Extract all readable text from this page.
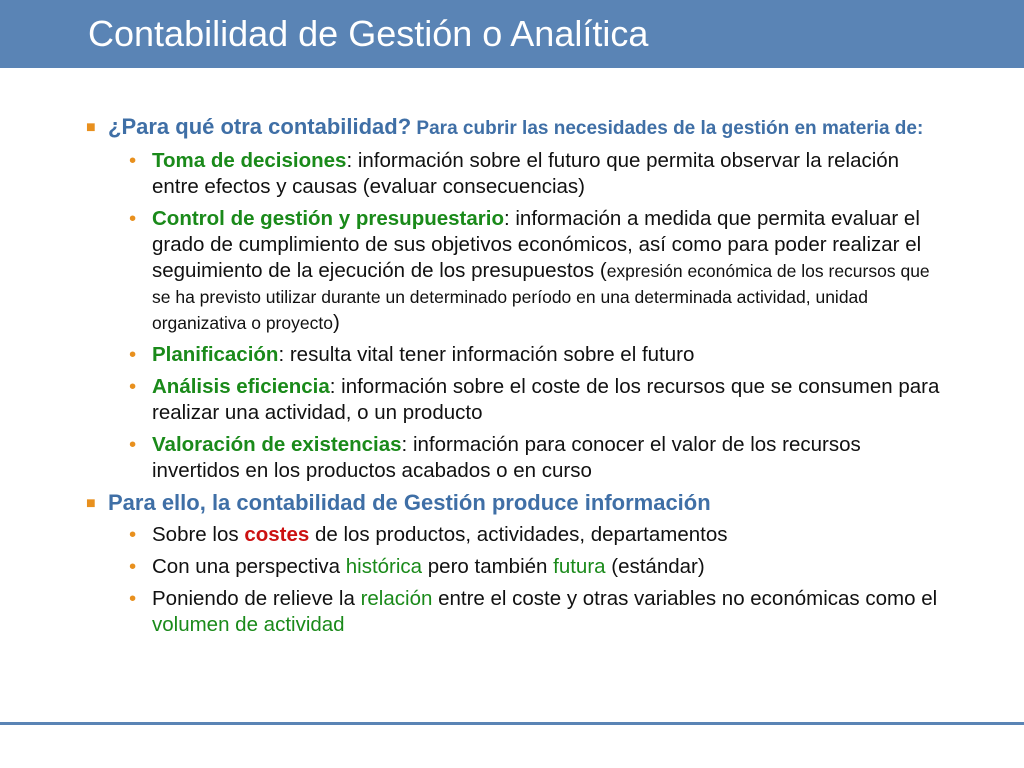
Contabilidad de Gestión o Analítica
■ ¿Para qué otra contabilidad? Para cubrir las necesidades de la gestión en materia de:
• Toma de decisiones: información sobre el futuro que permita observar la relación entre efectos y causas (evaluar consecuencias)
• Control de gestión y presupuestario: información a medida que permita evaluar el grado de cumplimiento de sus objetivos económicos, así como para poder realizar el seguimiento de la ejecución de los presupuestos (expresión económica de los recursos que se ha previsto utilizar durante un determinado período en una determinada actividad, unidad organizativa o proyecto)
• Planificación: resulta vital tener información sobre el futuro
• Análisis eficiencia: información sobre el coste de los recursos que se consumen para realizar una actividad, o un producto
• Valoración de existencias: información para conocer el valor de los recursos invertidos en los productos acabados o en curso
■ Para ello, la contabilidad de Gestión produce información
• Sobre los costes de los productos, actividades, departamentos
• Con una perspectiva histórica pero también futura (estándar)
• Poniendo de relieve la relación entre el coste y otras variables no económicas como el volumen de actividad
